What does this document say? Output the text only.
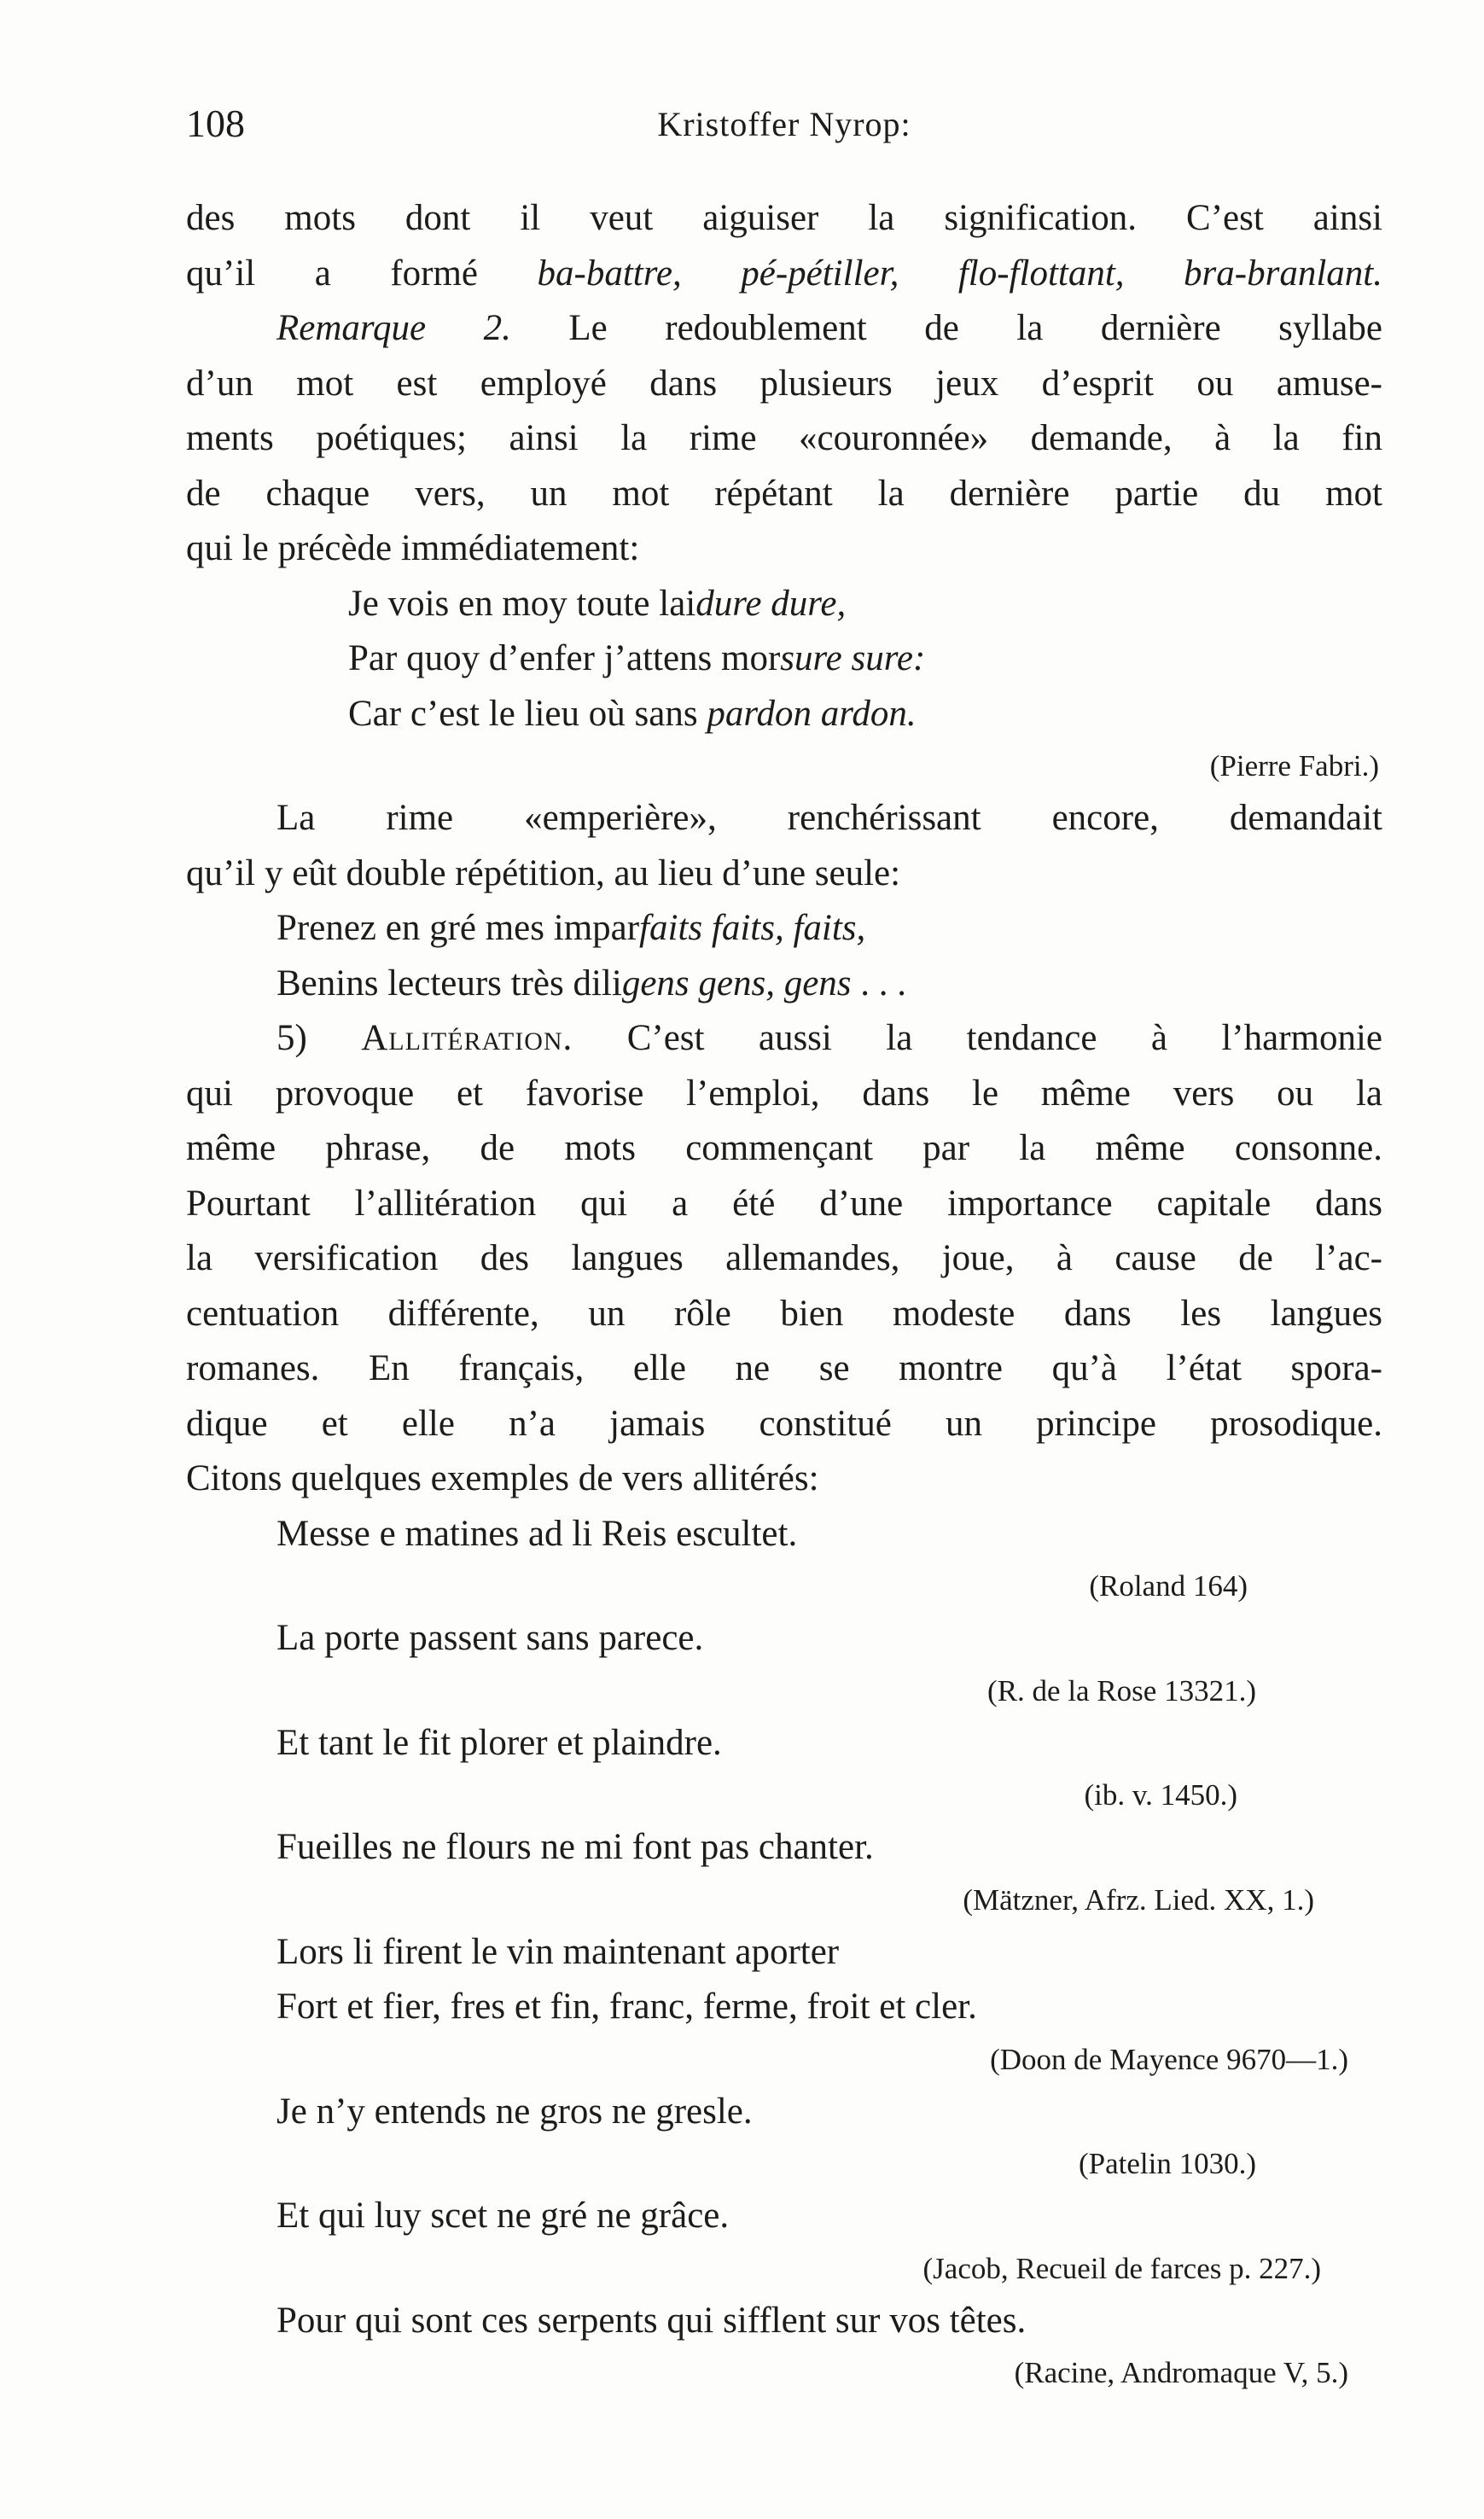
108	Kristoffer Nyrop:
des mots dont il veut aiguiser la signification. C’est ainsi
qu’il a formé ba-battre, pé-pétiller, flo-flottant, bra-branlant.
Remarque 2. Le redoublement de la dernière syllabe
d’un mot est employé dans plusieurs jeux d’esprit ou amuse-
ments poétiques; ainsi la rime «couronnée» demande, à la fin
de chaque vers, un mot répétant la dernière partie du mot
qui le précède immédiatement:
Je vois en moy toute laidure dure,
Par quoy d’enfer j’attens morsure sure:
Car c’est le lieu où sans pardon ardon.
(Pierre Fabri.)
La rime «emperière», renchérissant encore, demandait
qu’il y eût double répétition, au lieu d’une seule:
Prenez en gré mes imparfaits faits, faits,
Benins lecteurs très diligens gens, gens . . .
5) Allitération. C’est aussi la tendance à l’harmonie
qui provoque et favorise l’emploi, dans le même vers ou la
même phrase, de mots commençant par la même consonne.
Pourtant l’allitération qui a été d’une importance capitale dans
la versification des langues allemandes, joue, à cause de l’ac-
centuation différente, un rôle bien modeste dans les langues
romanes. En français, elle ne se montre qu’à l’état spora-
dique et elle n’a jamais constitué un principe prosodique.
Citons quelques exemples de vers allitérés:
Messe e matines ad li Reis escultet.
(Roland 164)
La porte passent sans parece.
(R. de la Rose 13321.)
Et tant le fit plorer et plaindre.
(ib. v. 1450.)
Fueilles ne flours ne mi font pas chanter.
(Mätzner, Afrz. Lied. XX, 1.)
Lors li firent le vin maintenant aporter
Fort et fier, fres et fin, franc, ferme, froit et cler.
(Doon de Mayence 9670—1.)
Je n’y entends ne gros ne gresle.
(Patelin 1030.)
Et qui luy scet ne gré ne grâce.
(Jacob, Recueil de farces p. 227.)
Pour qui sont ces serpents qui sifflent sur vos têtes.
(Racine, Andromaque V, 5.)
